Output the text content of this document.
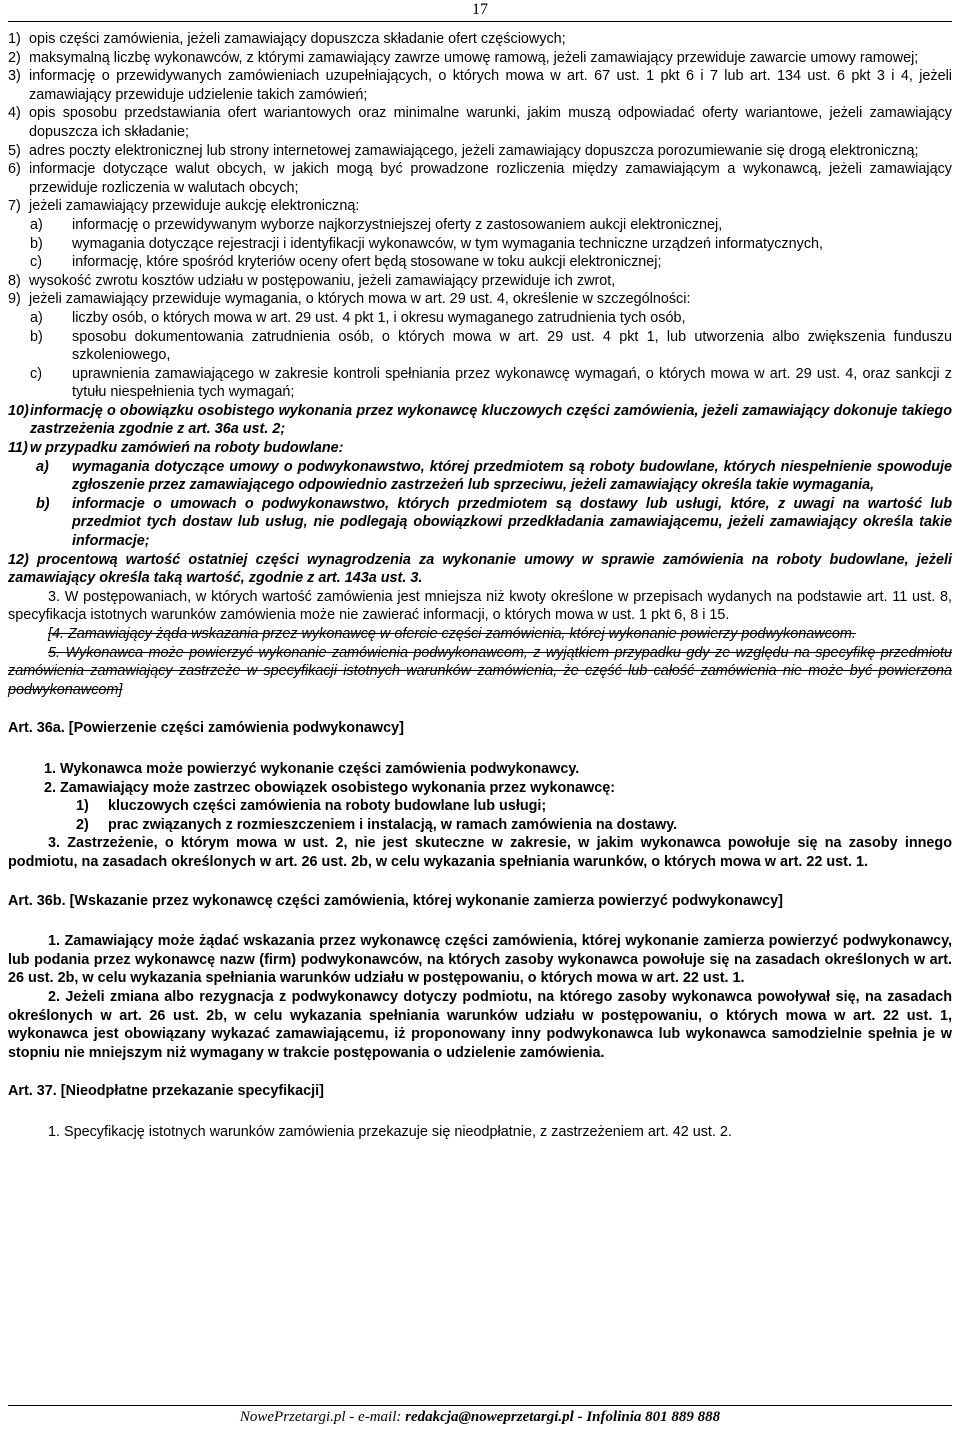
17

1) opis części zamówienia, jeżeli zamawiający dopuszcza składanie ofert częściowych;

2) maksymalną liczbę wykonawców, z którymi zamawiający zawrze umowę ramową, jeżeli zamawiający przewiduje zawarcie umowy ramowej;

3) informację o przewidywanych zamówieniach uzupełniających, o których mowa w art. 67 ust. 1 pkt 6 i 7 lub art. 134 ust. 6 pkt 3 i 4, jeżeli zamawiający przewiduje udzielenie takich zamówień;

4) opis sposobu przedstawiania ofert wariantowych oraz minimalne warunki, jakim muszą odpowiadać oferty wariantowe, jeżeli zamawiający dopuszcza ich składanie;

5) adres poczty elektronicznej lub strony internetowej zamawiającego, jeżeli zamawiający dopuszcza porozumiewanie się drogą elektroniczną;

6) informacje dotyczące walut obcych, w jakich mogą być prowadzone rozliczenia między zamawiającym a wykonawcą, jeżeli zamawiający przewiduje rozliczenia w walutach obcych;

7) jeżeli zamawiający przewiduje aukcję elektroniczną:

a) informację o przewidywanym wyborze najkorzystniejszej oferty z zastosowaniem aukcji elektronicznej,

b) wymagania dotyczące rejestracji i identyfikacji wykonawców, w tym wymagania techniczne urządzeń informatycznych,

c) informację, które spośród kryteriów oceny ofert będą stosowane w toku aukcji elektronicznej;

8) wysokość zwrotu kosztów udziału w postępowaniu, jeżeli zamawiający przewiduje ich zwrot,

9) jeżeli zamawiający przewiduje wymagania, o których mowa w art. 29 ust. 4, określenie w szczególności:

a) liczby osób, o których mowa w art. 29 ust. 4 pkt 1, i okresu wymaganego zatrudnienia tych osób,

b) sposobu dokumentowania zatrudnienia osób, o których mowa w art. 29 ust. 4 pkt 1, lub utworzenia albo zwiększenia funduszu szkoleniowego,

c) uprawnienia zamawiającego w zakresie kontroli spełniania przez wykonawcę wymagań, o których mowa w art. 29 ust. 4, oraz sankcji z tytułu niespełnienia tych wymagań;

10) informację o obowiązku osobistego wykonania przez wykonawcę kluczowych części zamówienia, jeżeli zamawiający dokonuje takiego zastrzeżenia zgodnie z art. 36a ust. 2;

11) w przypadku zamówień na roboty budowlane:

a) wymagania dotyczące umowy o podwykonawstwo, której przedmiotem są roboty budowlane, których niespełnienie spowoduje zgłoszenie przez zamawiającego odpowiednio zastrzeżeń lub sprzeciwu, jeżeli zamawiający określa takie wymagania,

b) informacje o umowach o podwykonawstwo, których przedmiotem są dostawy lub usługi, które, z uwagi na wartość lub przedmiot tych dostaw lub usług, nie podlegają obowiązkowi przedkładania zamawiającemu, jeżeli zamawiający określa takie informacje;

12) procentową wartość ostatniej części wynagrodzenia za wykonanie umowy w sprawie zamówienia na roboty budowlane, jeżeli zamawiający określa taką wartość, zgodnie z art. 143a ust. 3.

3. W postępowaniach, w których wartość zamówienia jest mniejsza niż kwoty określone w przepisach wydanych na podstawie art. 11 ust. 8, specyfikacja istotnych warunków zamówienia może nie zawierać informacji, o których mowa w ust. 1 pkt 6, 8 i 15.

[4. Zamawiający żąda wskazania przez wykonawcę w ofercie części zamówienia, której wykonanie powierzy podwykonawcom.

5. Wykonawca może powierzyć wykonanie zamówienia podwykonawcom, z wyjątkiem przypadku gdy ze względu na specyfikę przedmiotu zamówienia zamawiający zastrzeże w specyfikacji istotnych warunków zamówienia, że część lub całość zamówienia nie może być powierzona podwykonawcom]

Art. 36a. [Powierzenie części zamówienia podwykonawcy]

1. Wykonawca może powierzyć wykonanie części zamówienia podwykonawcy.

2. Zamawiający może zastrzec obowiązek osobistego wykonania przez wykonawcę:

1) kluczowych części zamówienia na roboty budowlane lub usługi;

2) prac związanych z rozmieszczeniem i instalacją, w ramach zamówienia na dostawy.

3. Zastrzeżenie, o którym mowa w ust. 2, nie jest skuteczne w zakresie, w jakim wykonawca powołuje się na zasoby innego podmiotu, na zasadach określonych w art. 26 ust. 2b, w celu wykazania spełniania warunków, o których mowa w art. 22 ust. 1.

Art. 36b. [Wskazanie przez wykonawcę części zamówienia, której wykonanie zamierza powierzyć podwykonawcy]

1. Zamawiający może żądać wskazania przez wykonawcę części zamówienia, której wykonanie zamierza powierzyć podwykonawcy, lub podania przez wykonawcę nazw (firm) podwykonawców, na których zasoby wykonawca powołuje się na zasadach określonych w art. 26 ust. 2b, w celu wykazania spełniania warunków udziału w postępowaniu, o których mowa w art. 22 ust. 1.

2. Jeżeli zmiana albo rezygnacja z podwykonawcy dotyczy podmiotu, na którego zasoby wykonawca powoływał się, na zasadach określonych w art. 26 ust. 2b, w celu wykazania spełniania warunków udziału w postępowaniu, o których mowa w art. 22 ust. 1, wykonawca jest obowiązany wykazać zamawiającemu, iż proponowany inny podwykonawca lub wykonawca samodzielnie spełnia je w stopniu nie mniejszym niż wymagany w trakcie postępowania o udzielenie zamówienia.

Art. 37. [Nieodpłatne przekazanie specyfikacji]

1. Specyfikację istotnych warunków zamówienia przekazuje się nieodpłatnie, z zastrzeżeniem art. 42 ust. 2.

NowePrzetargi.pl - e-mail: redakcja@noweprzetargi.pl - Infolinia 801 889 888
